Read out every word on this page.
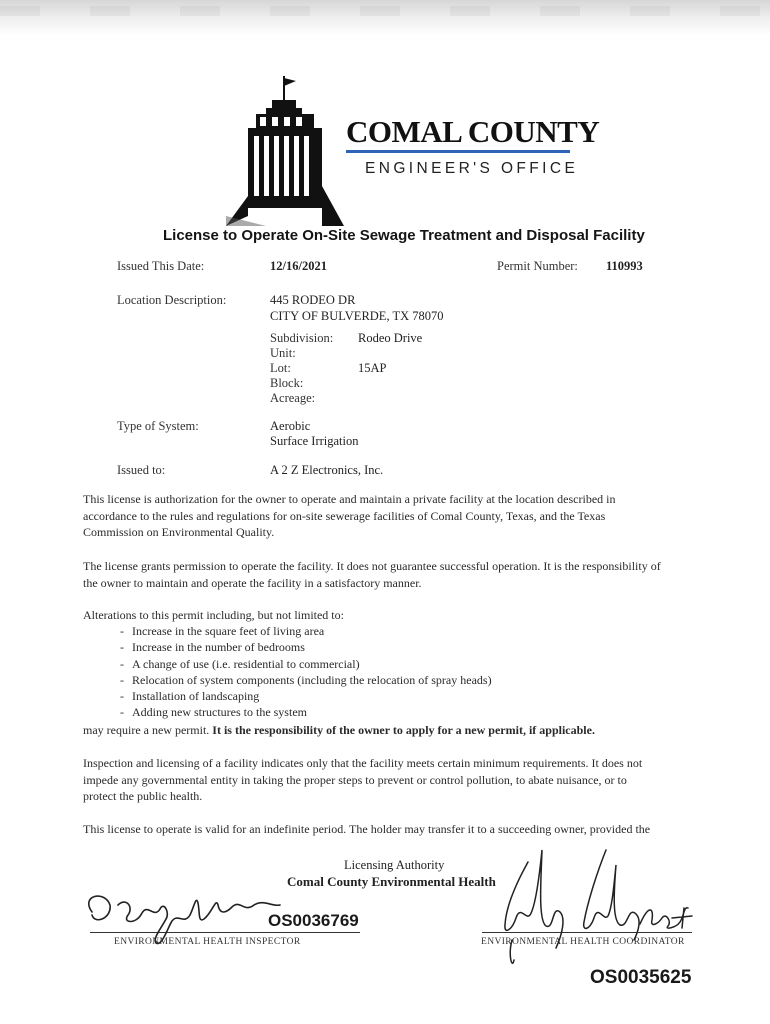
COMAL COUNTY
ENGINEER'S OFFICE
License to Operate On-Site Sewage Treatment and Disposal Facility
Issued This Date:	12/16/2021	Permit Number: 110993
Location Description:	445 RODEO DR
CITY OF BULVERDE, TX 78070
Subdivision: Rodeo Drive
Unit:
Lot:	15AP
Block:
Acreage:
Type of System:	Aerobic
Surface Irrigation
Issued to:	A 2 Z Electronics, Inc.
This license is authorization for the owner to operate and maintain a private facility at the location described in accordance to the rules and regulations for on-site sewerage facilities of Comal County, Texas, and the Texas Commission on Environmental Quality.
The license grants permission to operate the facility. It does not guarantee successful operation. It is the responsibility of the owner to maintain and operate the facility in a satisfactory manner.
Alterations to this permit including, but not limited to:
- Increase in the square feet of living area
- Increase in the number of bedrooms
- A change of use (i.e. residential to commercial)
- Relocation of system components (including the relocation of spray heads)
- Installation of landscaping
- Adding new structures to the system
may require a new permit. It is the responsibility of the owner to apply for a new permit, if applicable.
Inspection and licensing of a facility indicates only that the facility meets certain minimum requirements. It does not impede any governmental entity in taking the proper steps to prevent or control pollution, to abate nuisance, or to protect the public health.
This license to operate is valid for an indefinite period. The holder may transfer it to a succeeding owner, provided the
Licensing Authority
Comal County Environmental Health
OS0036769
ENVIRONMENTAL HEALTH INSPECTOR	ENVIRONMENTAL HEALTH COORDINATOR
OS0035625
